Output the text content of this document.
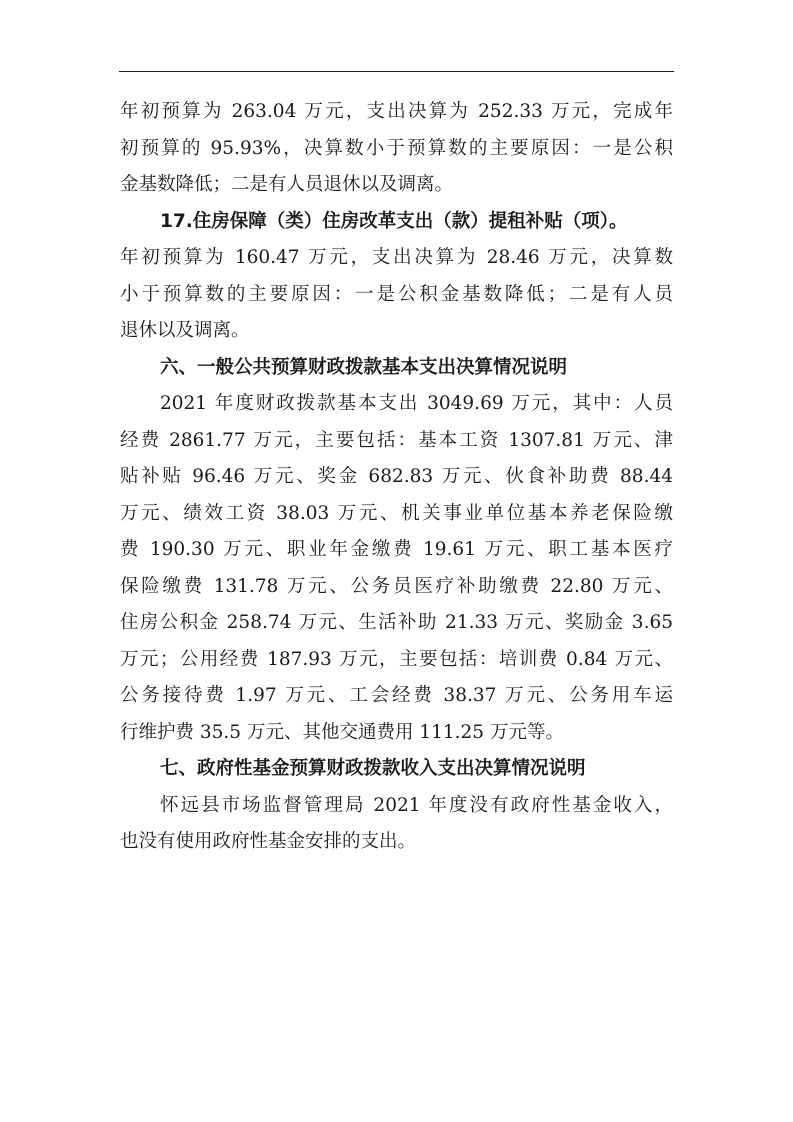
年初预算为 263.04 万元，支出决算为 252.33 万元，完成年
初预算的 95.93%，决算数小于预算数的主要原因：一是公积
金基数降低；二是有人员退休以及调离。
17.住房保障（类）住房改革支出（款）提租补贴（项）。
年初预算为 160.47 万元，支出决算为 28.46 万元，决算数
小于预算数的主要原因：一是公积金基数降低；二是有人员
退休以及调离。
六、一般公共预算财政拨款基本支出决算情况说明
2021 年度财政拨款基本支出 3049.69 万元，其中：人员
经费 2861.77 万元，主要包括：基本工资 1307.81 万元、津
贴补贴 96.46 万元、奖金 682.83 万元、伙食补助费 88.44
万元、绩效工资 38.03 万元、机关事业单位基本养老保险缴
费 190.30 万元、职业年金缴费 19.61 万元、职工基本医疗
保险缴费 131.78 万元、公务员医疗补助缴费 22.80 万元、
住房公积金 258.74 万元、生活补助 21.33 万元、奖励金 3.65
万元；公用经费 187.93 万元，主要包括：培训费 0.84 万元、
公务接待费 1.97 万元、工会经费 38.37 万元、公务用车运
行维护费 35.5 万元、其他交通费用 111.25 万元等。
七、政府性基金预算财政拨款收入支出决算情况说明
怀远县市场监督管理局 2021 年度没有政府性基金收入，
也没有使用政府性基金安排的支出。
